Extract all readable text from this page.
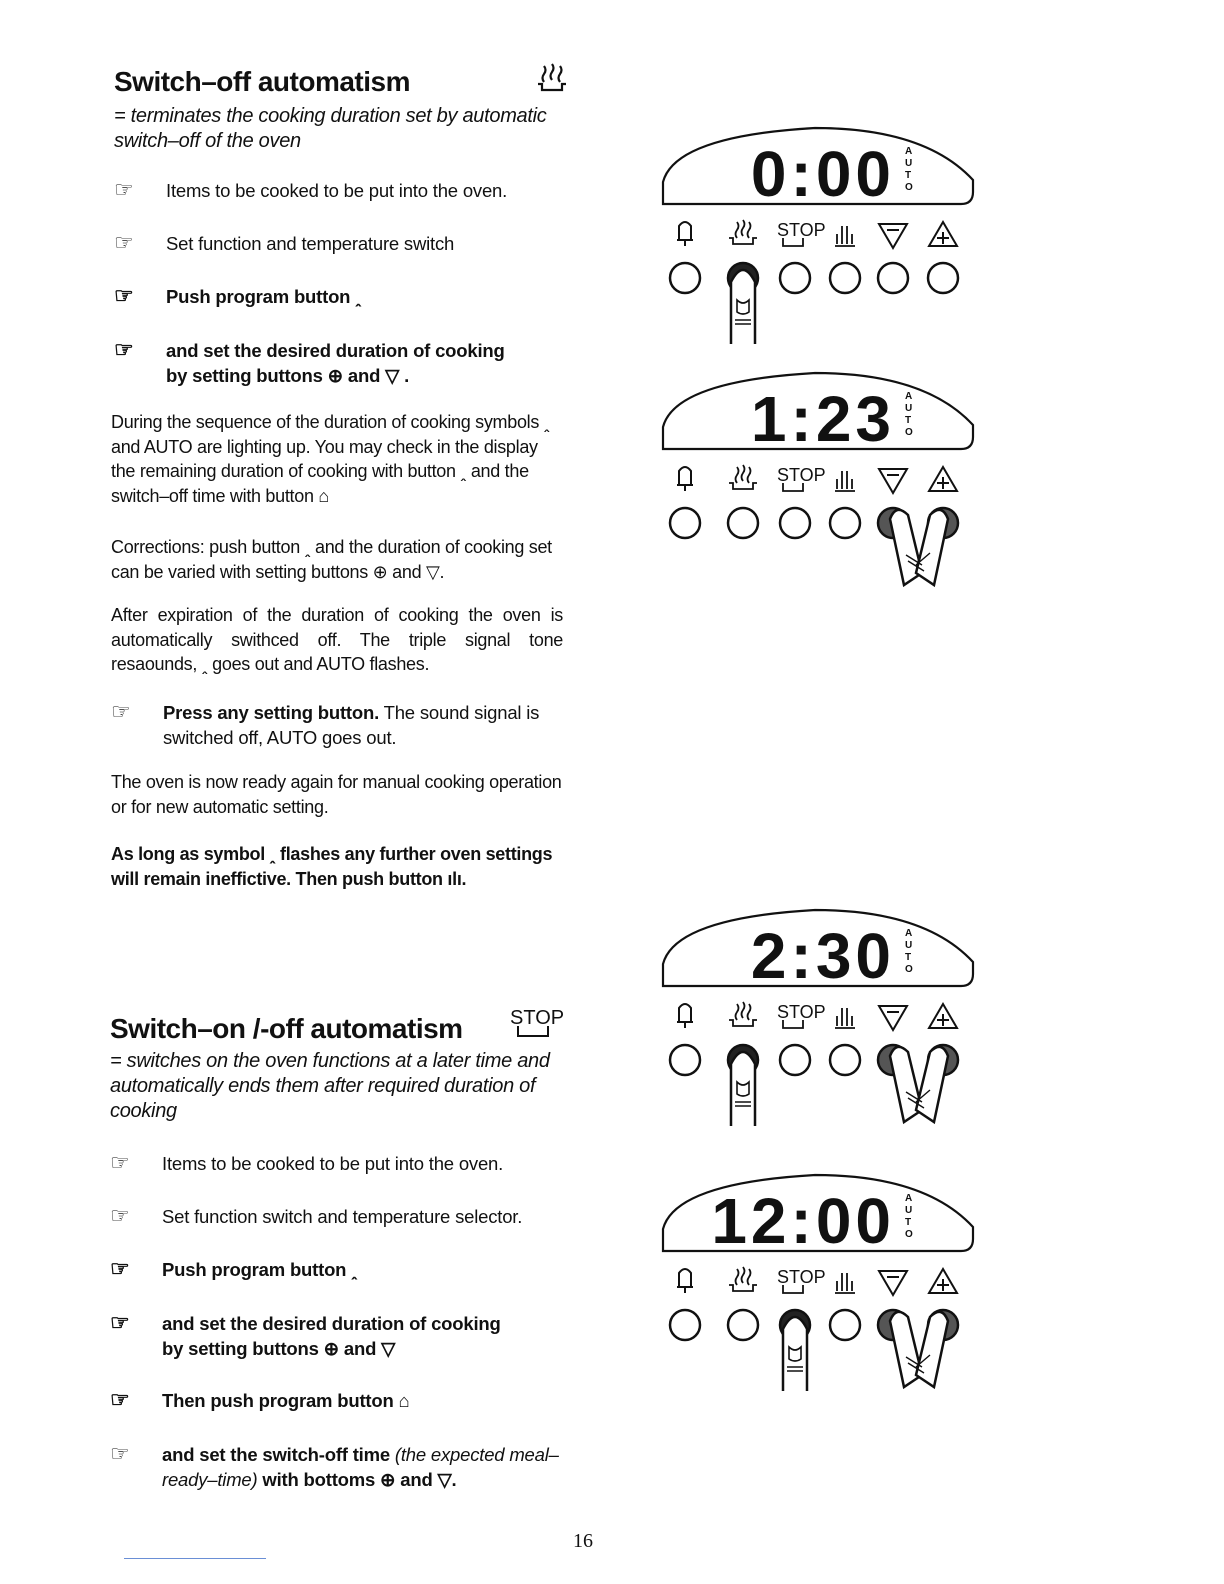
Switch–off automatism
= terminates the cooking duration set by automatic switch–off of the oven
☞	Items to be cooked to be put into the oven.
☞	Set function and temperature switch
☞	Push program button ꞈ
☞	and set the desired duration of cooking
by setting buttons ⊕ and ▽ .
During the sequence of the duration of cooking symbols ꞈ and AUTO are lighting up. You may check in the display the remaining duration of cooking with button ꞈ and the switch–off time with button ⌂
Corrections: push button ꞈ and the duration of cooking set can be varied with setting buttons ⊕ and ▽.
After expiration of the duration of cooking the oven is automatically swithced off. The triple signal tone resaounds, ꞈ goes out and AUTO flashes.
☞	Press any setting button. The sound signal is switched off, AUTO goes out.
The oven is now ready again for manual cooking operation or for new automatic setting.
As long as symbol ꞈ flashes any further oven settings will remain ineffictive. Then push button ılı.
Switch–on /-off automatism STOP
= switches on the oven functions at a later time and automatically ends them after required duration of cooking
☞	Items to be cooked to be put into the oven.
☞	Set function switch and temperature selector.
☞	Push program button ꞈ
☞	and set the desired duration of cooking
by setting buttons ⊕ and ▽
☞	Then push program button ⌂
☞	and set the switch-off time (the expected meal–ready–time) with bottoms ⊕ and ▽.
16
0:00 A
U
T
O
STOP
1:23 A
U
T
O
STOP
2:30 A
U
T
O
STOP
12:00 A
U
T
O
STOP
